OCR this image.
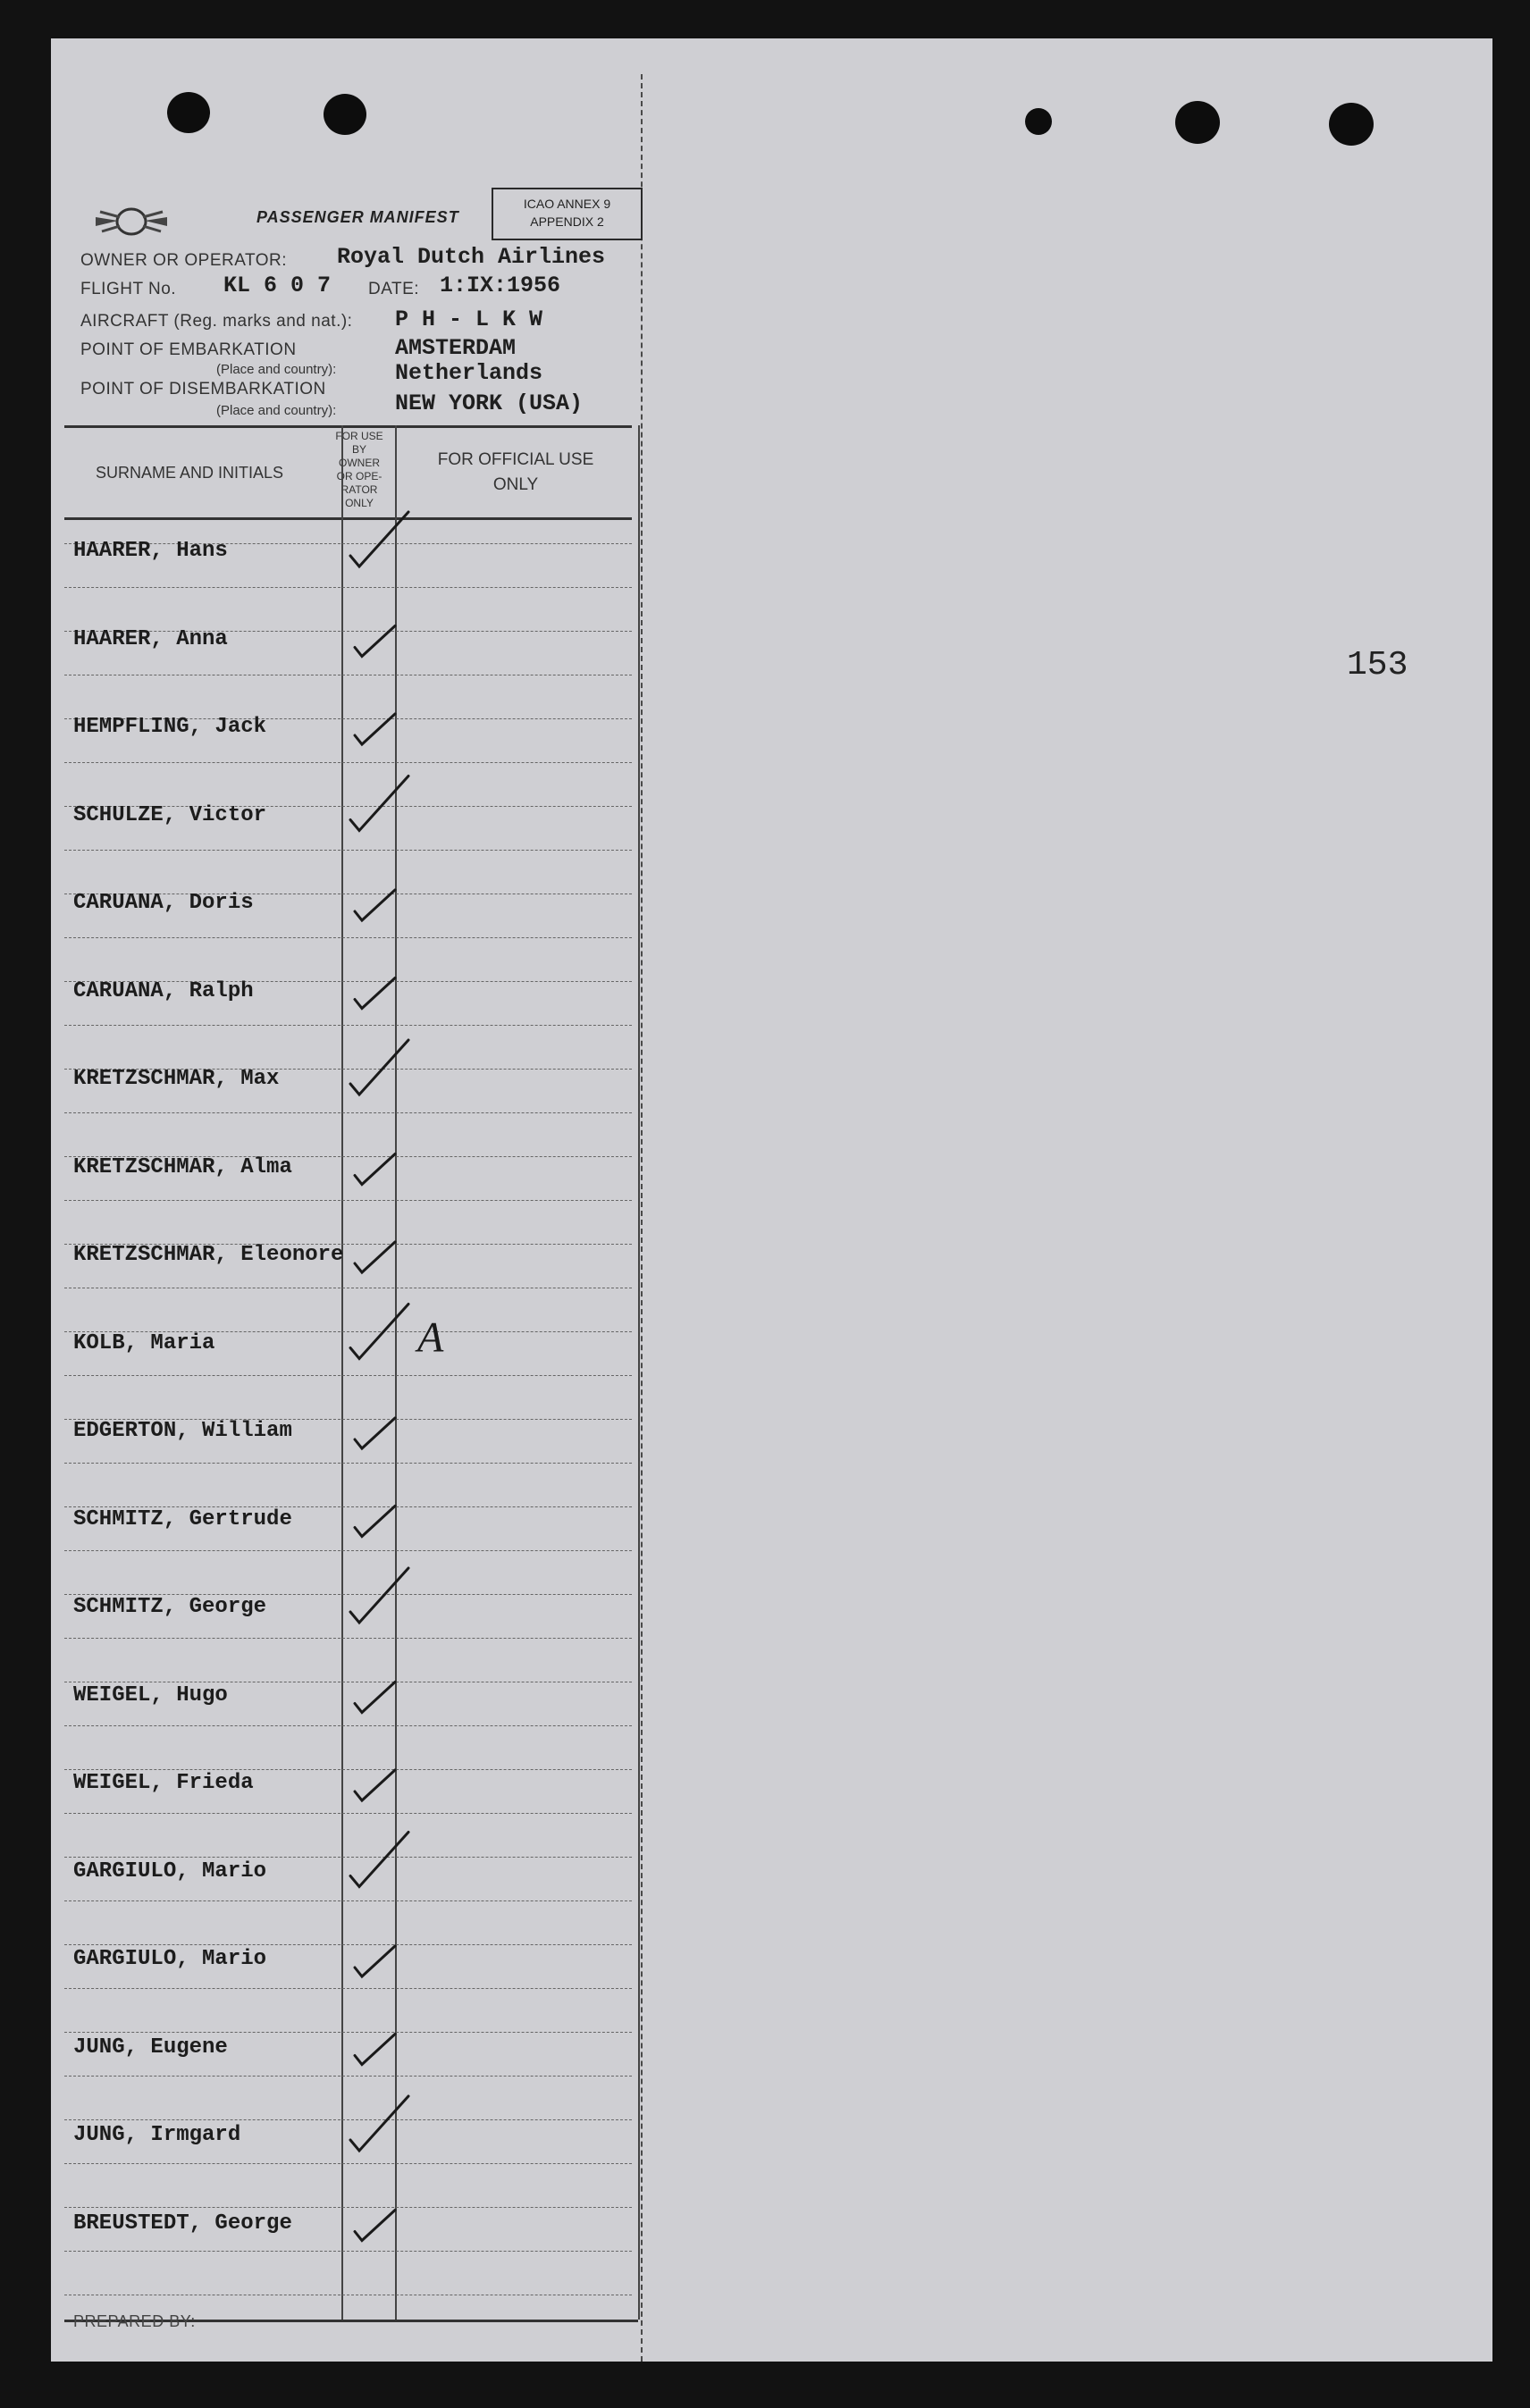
153
PASSENGER MANIFEST
ICAO ANNEX 9
APPENDIX 2
OWNER OR OPERATOR: Royal Dutch Airlines
FLIGHT No. KL 6 0 7 DATE: 1:IX:1956
AIRCRAFT (Reg. marks and nat.): P H - L K W
POINT OF EMBARKATION	AMSTERDAM
(Place and country):	Netherlands
POINT OF DISEMBARKATION
NEW YORK (USA)
(Place and country):
SURNAME AND INITIALS
FOR USE
BY
OWNER
OR OPE-
RATOR
ONLY
FOR OFFICIAL USE
ONLY
HAARER, Hans
HAARER, Anna
HEMPFLING, Jack
SCHULZE, Victor
CARUANA, Doris
CARUANA, Ralph
KRETZSCHMAR, Max
KRETZSCHMAR, Alma
KRETZSCHMAR, Eleonore
KOLB, Maria
EDGERTON, William
SCHMITZ, Gertrude
SCHMITZ, George
WEIGEL, Hugo
WEIGEL, Frieda
GARGIULO, Mario
GARGIULO, Mario
JUNG, Eugene
JUNG, Irmgard
BREUSTEDT, George
A
PREPARED BY:
